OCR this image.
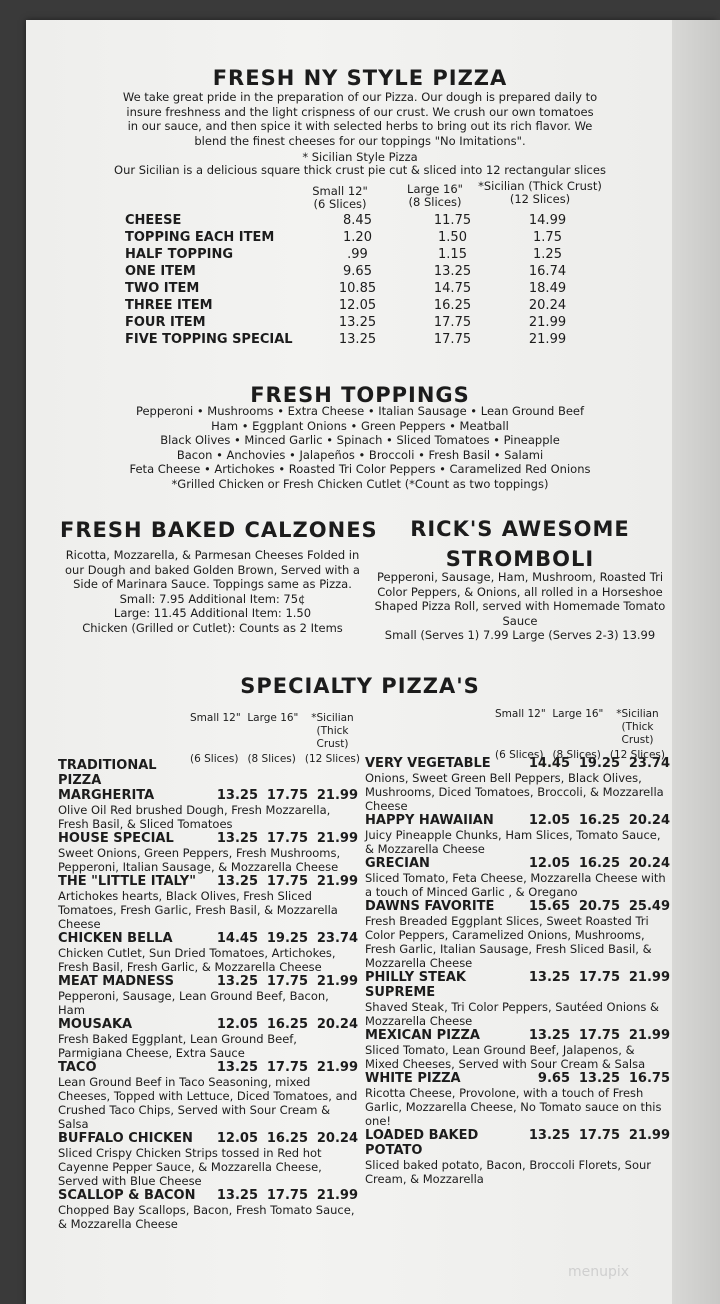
FRESH NY STYLE PIZZA
We take great pride in the preparation of our Pizza. Our dough is prepared daily to insure freshness and the light crispness of our crust. We crush our own tomatoes in our sauce, and then spice it with selected herbs to bring out its rich flavor. We blend the finest cheeses for our toppings "No Imitations".
* Sicilian Style Pizza
Our Sicilian is a delicious square thick crust pie cut & sliced into 12 rectangular slices
Small 12"
(6 Slices)
Large 16"
(8 Slices)
*Sicilian (Thick Crust)
(12 Slices)
CHEESE	8.45	11.75	14.99
TOPPING EACH ITEM	1.20	1.50	1.75
HALF TOPPING	.99	1.15	1.25
ONE ITEM	9.65	13.25	16.74
TWO ITEM	10.85	14.75	18.49
THREE ITEM	12.05	16.25	20.24
FOUR ITEM	13.25	17.75	21.99
FIVE TOPPING SPECIAL	13.25	17.75	21.99
FRESH TOPPINGS
Pepperoni • Mushrooms • Extra Cheese • Italian Sausage • Lean Ground Beef
Ham • Eggplant Onions • Green Peppers • Meatball
Black Olives • Minced Garlic • Spinach • Sliced Tomatoes • Pineapple
Bacon • Anchovies • Jalapeños • Broccoli • Fresh Basil • Salami
Feta Cheese • Artichokes • Roasted Tri Color Peppers • Caramelized Red Onions
*Grilled Chicken or Fresh Chicken Cutlet (*Count as two toppings)
FRESH BAKED CALZONES
Ricotta, Mozzarella, & Parmesan Cheeses Folded in our Dough and baked Golden Brown, Served with a Side of Marinara Sauce. Toppings same as Pizza.
Small: 7.95 Additional Item: 75¢
Large: 11.45 Additional Item: 1.50
Chicken (Grilled or Cutlet): Counts as 2 Items
RICK'S AWESOME STROMBOLI
Pepperoni, Sausage, Ham, Mushroom, Roasted Tri Color Peppers, & Onions, all rolled in a Horseshoe Shaped Pizza Roll, served with Homemade Tomato Sauce
Small (Serves 1) 7.99 Large (Serves 2-3) 13.99
SPECIALTY PIZZA'S
Small 12" Large 16"	*Sicilian (Thick Crust)
(6 Slices) (8 Slices) (12 Slices)
Small 12" Large 16"	*Sicilian (Thick Crust)
(6 Slices) (8 Slices) (12 Slices)
TRADITIONAL PIZZA
MARGHERITA	13.25 17.75 21.99
Olive Oil Red brushed Dough, Fresh Mozzarella, Fresh Basil, & Sliced Tomatoes
HOUSE SPECIAL	13.25 17.75 21.99
Sweet Onions, Green Peppers, Fresh Mushrooms, Pepperoni, Italian Sausage, & Mozzarella Cheese
THE "LITTLE ITALY"	13.25 17.75 21.99
Artichokes hearts, Black Olives, Fresh Sliced Tomatoes, Fresh Garlic, Fresh Basil, & Mozzarella Cheese
CHICKEN BELLA	14.45 19.25 23.74
Chicken Cutlet, Sun Dried Tomatoes, Artichokes, Fresh Basil, Fresh Garlic, & Mozzarella Cheese
MEAT MADNESS	13.25 17.75 21.99
Pepperoni, Sausage, Lean Ground Beef, Bacon, Ham
MOUSAKA	12.05 16.25 20.24
Fresh Baked Eggplant, Lean Ground Beef, Parmigiana Cheese, Extra Sauce
TACO	13.25 17.75 21.99
Lean Ground Beef in Taco Seasoning, mixed Cheeses, Topped with Lettuce, Diced Tomatoes, and Crushed Taco Chips, Served with Sour Cream & Salsa
BUFFALO CHICKEN	12.05 16.25 20.24
Sliced Crispy Chicken Strips tossed in Red hot Cayenne Pepper Sauce, & Mozzarella Cheese, Served with Blue Cheese
SCALLOP & BACON	13.25 17.75 21.99
Chopped Bay Scallops, Bacon, Fresh Tomato Sauce, & Mozzarella Cheese
VERY VEGETABLE	14.45 19.25 23.74
Onions, Sweet Green Bell Peppers, Black Olives, Mushrooms, Diced Tomatoes, Broccoli, & Mozzarella Cheese
HAPPY HAWAIIAN	12.05 16.25 20.24
Juicy Pineapple Chunks, Ham Slices, Tomato Sauce, & Mozzarella Cheese
GRECIAN	12.05 16.25 20.24
Sliced Tomato, Feta Cheese, Mozzarella Cheese with a touch of Minced Garlic , & Oregano
DAWNS FAVORITE	15.65 20.75 25.49
Fresh Breaded Eggplant Slices, Sweet Roasted Tri Color Peppers, Caramelized Onions, Mushrooms, Fresh Garlic, Italian Sausage, Fresh Sliced Basil, & Mozzarella Cheese
PHILLY STEAK SUPREME
13.25 17.75 21.99
Shaved Steak, Tri Color Peppers, Sautéed Onions & Mozzarella Cheese
MEXICAN PIZZA	13.25 17.75 21.99
Sliced Tomato, Lean Ground Beef, Jalapenos, & Mixed Cheeses, Served with Sour Cream & Salsa
WHITE PIZZA	9.65 13.25 16.75
Ricotta Cheese, Provolone, with a touch of Fresh Garlic, Mozzarella Cheese, No Tomato sauce on this one!
LOADED BAKED POTATO
13.25 17.75 21.99
Sliced baked potato, Bacon, Broccoli Florets, Sour Cream, & Mozzarella
menupix
